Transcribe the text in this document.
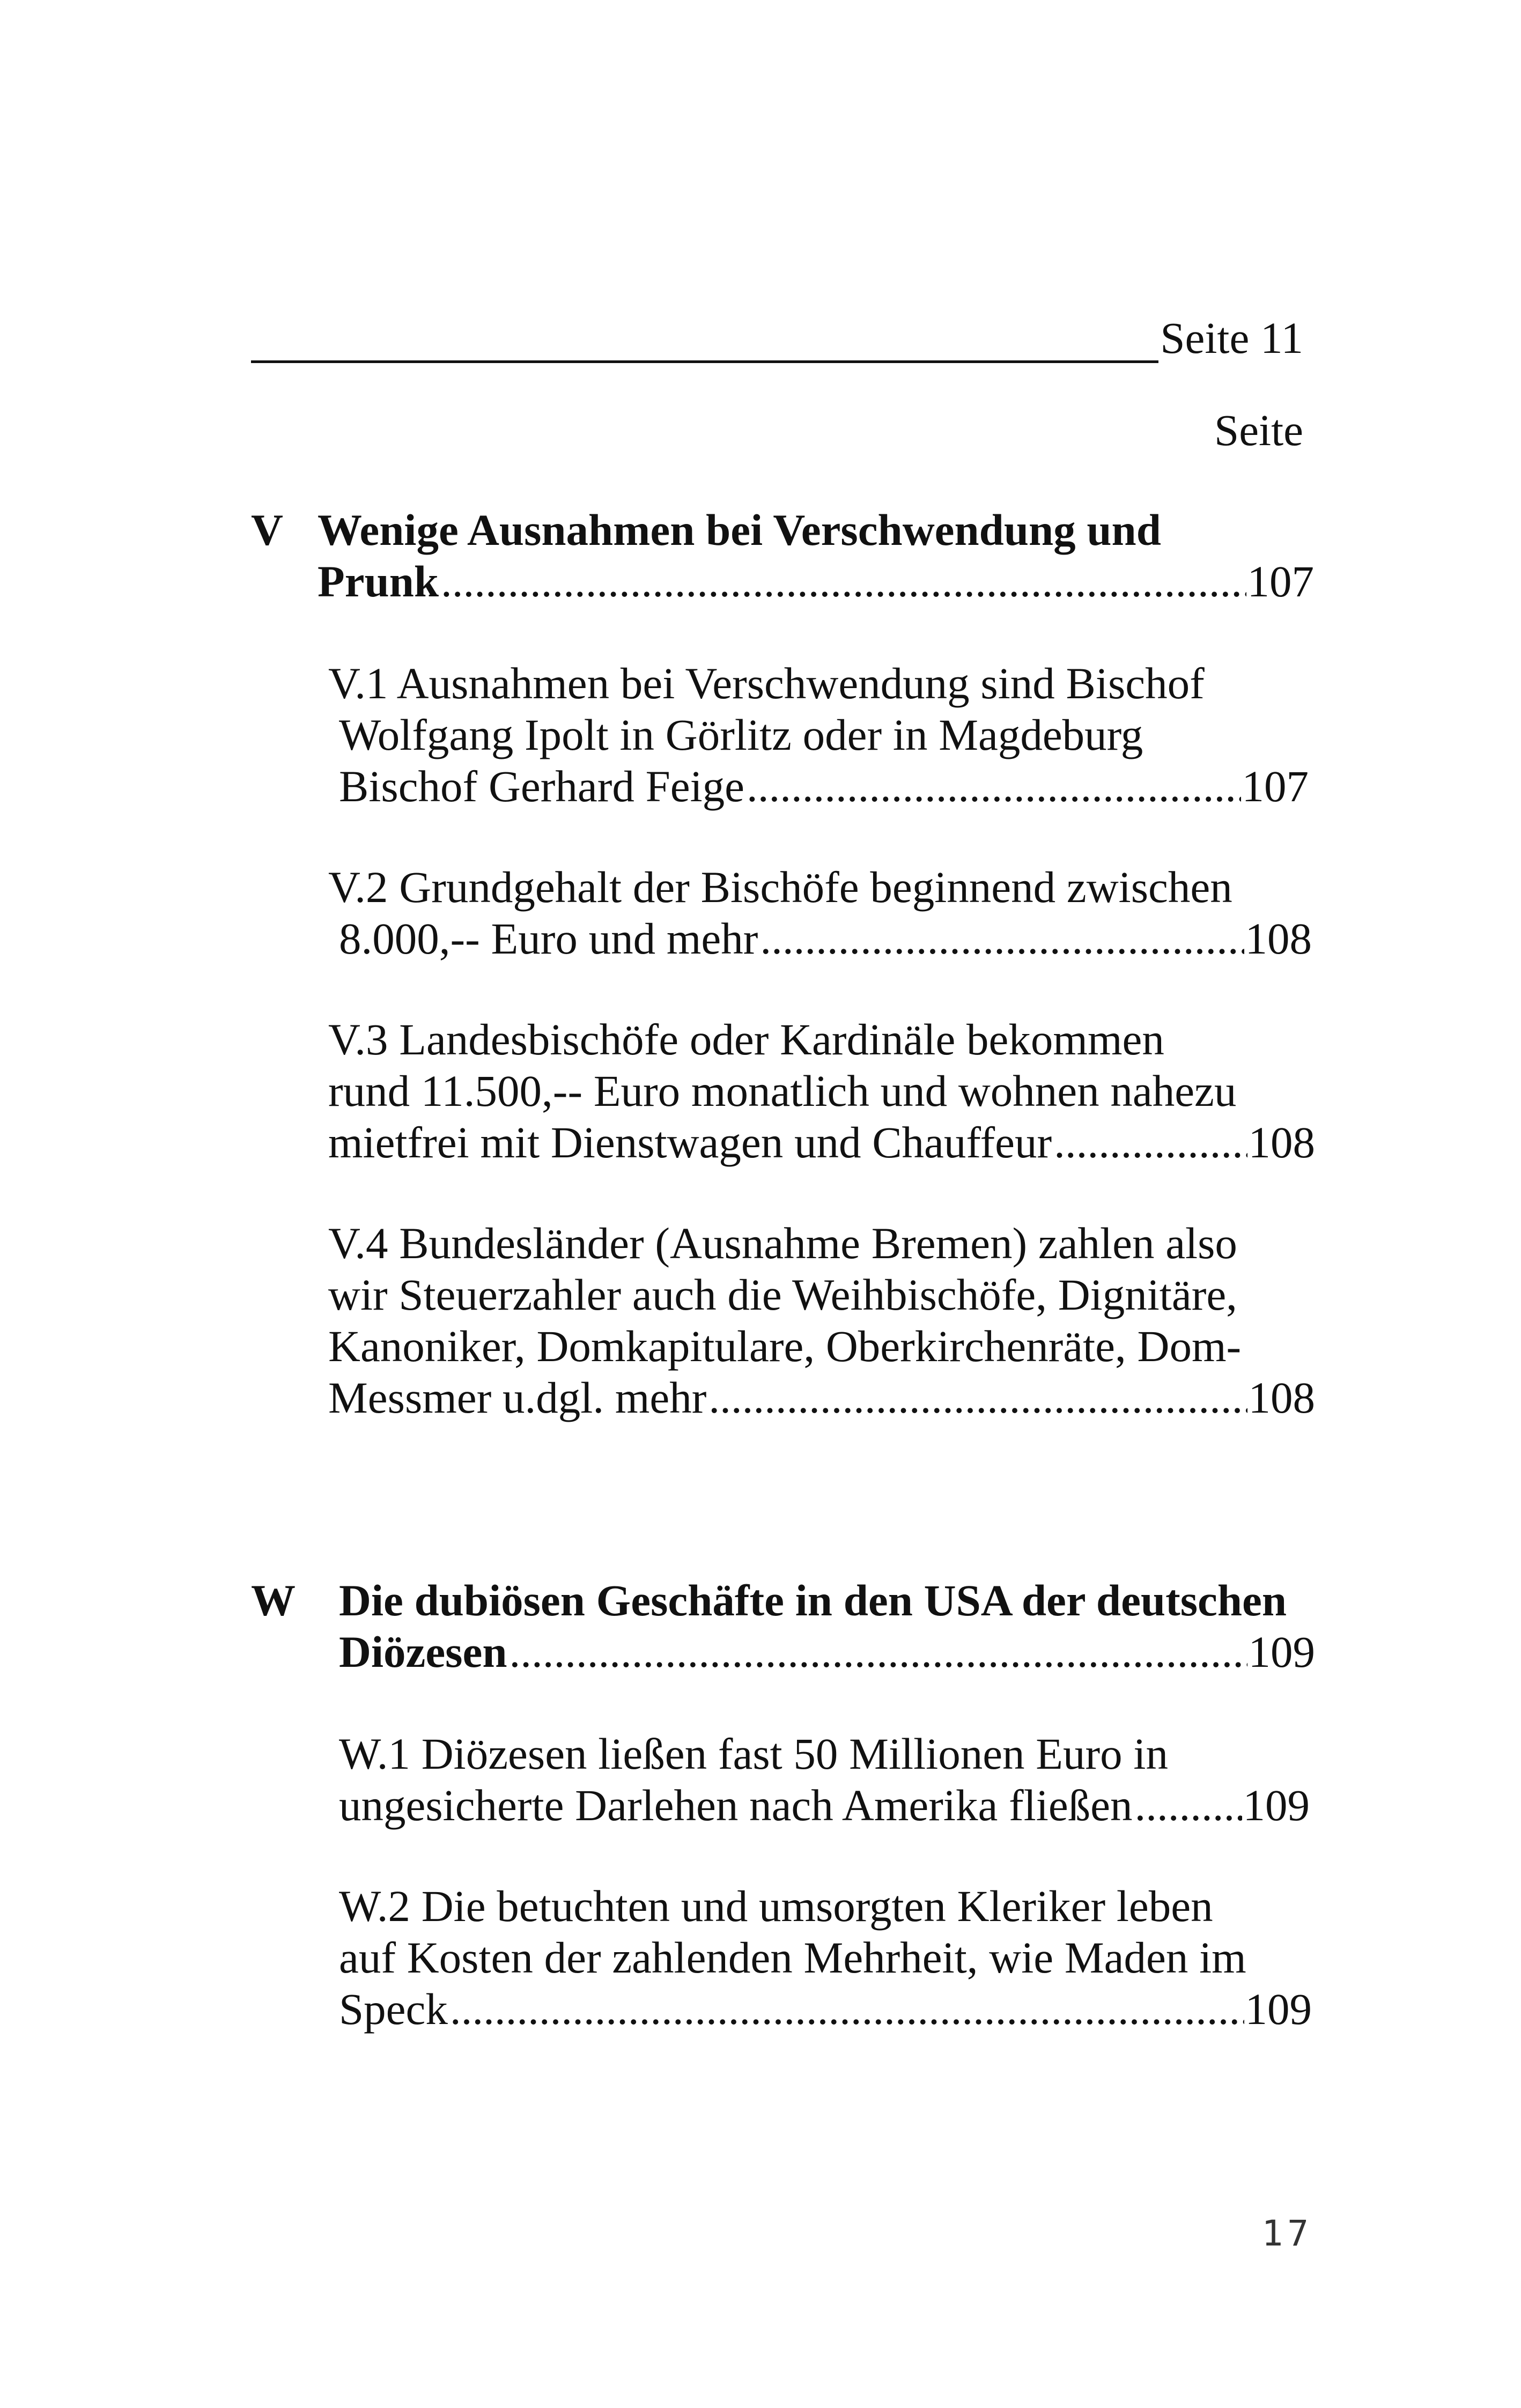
Seite 11
Seite
V Wenige Ausnahmen bei Verschwendung und
Prunk .....	107
V.1 Ausnahmen bei Verschwendung sind Bischof
Wolfgang Ipolt in Görlitz oder in Magdeburg
Bischof Gerhard Feige .....	107
V.2 Grundgehalt der Bischöfe beginnend zwischen
8.000,-- Euro und mehr .....	108
V.3 Landesbischöfe oder Kardinäle bekommen
rund 11.500,-- Euro monatlich und wohnen nahezu
mietfrei mit Dienstwagen und Chauffeur .....	108
V.4 Bundesländer (Ausnahme Bremen) zahlen also
wir Steuerzahler auch die Weihbischöfe, Dignitäre,
Kanoniker, Domkapitulare, Oberkirchenräte, Dom-
Messmer u.dgl. mehr .....	108
W Die dubiösen Geschäfte in den USA der deutschen
Diözesen .....	109
W.1 Diözesen ließen fast 50 Millionen Euro in
ungesicherte Darlehen nach Amerika fließen ..... 109
W.2 Die betuchten und umsorgten Kleriker leben
auf Kosten der zahlenden Mehrheit, wie Maden im
Speck .....	109
17
